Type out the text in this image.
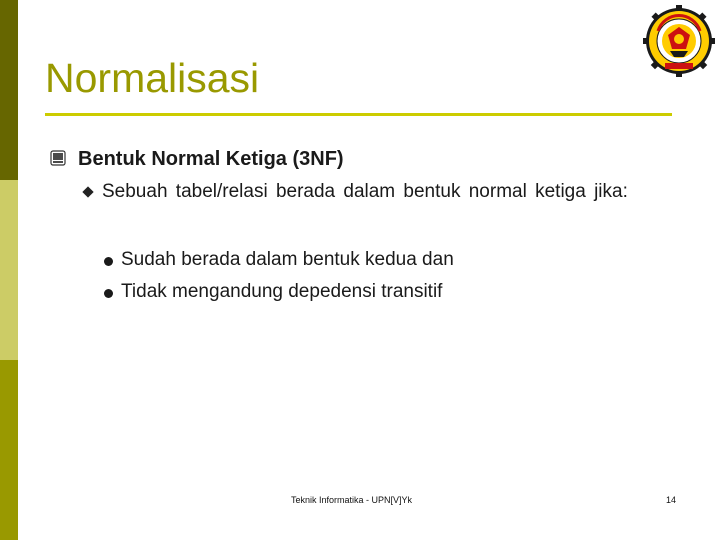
Normalisasi
Bentuk Normal Ketiga (3NF)
Sebuah tabel/relasi berada dalam bentuk normal ketiga jika:
Sudah berada dalam bentuk kedua dan
Tidak mengandung depedensi transitif
Teknik Informatika - UPN[V]Yk	14
